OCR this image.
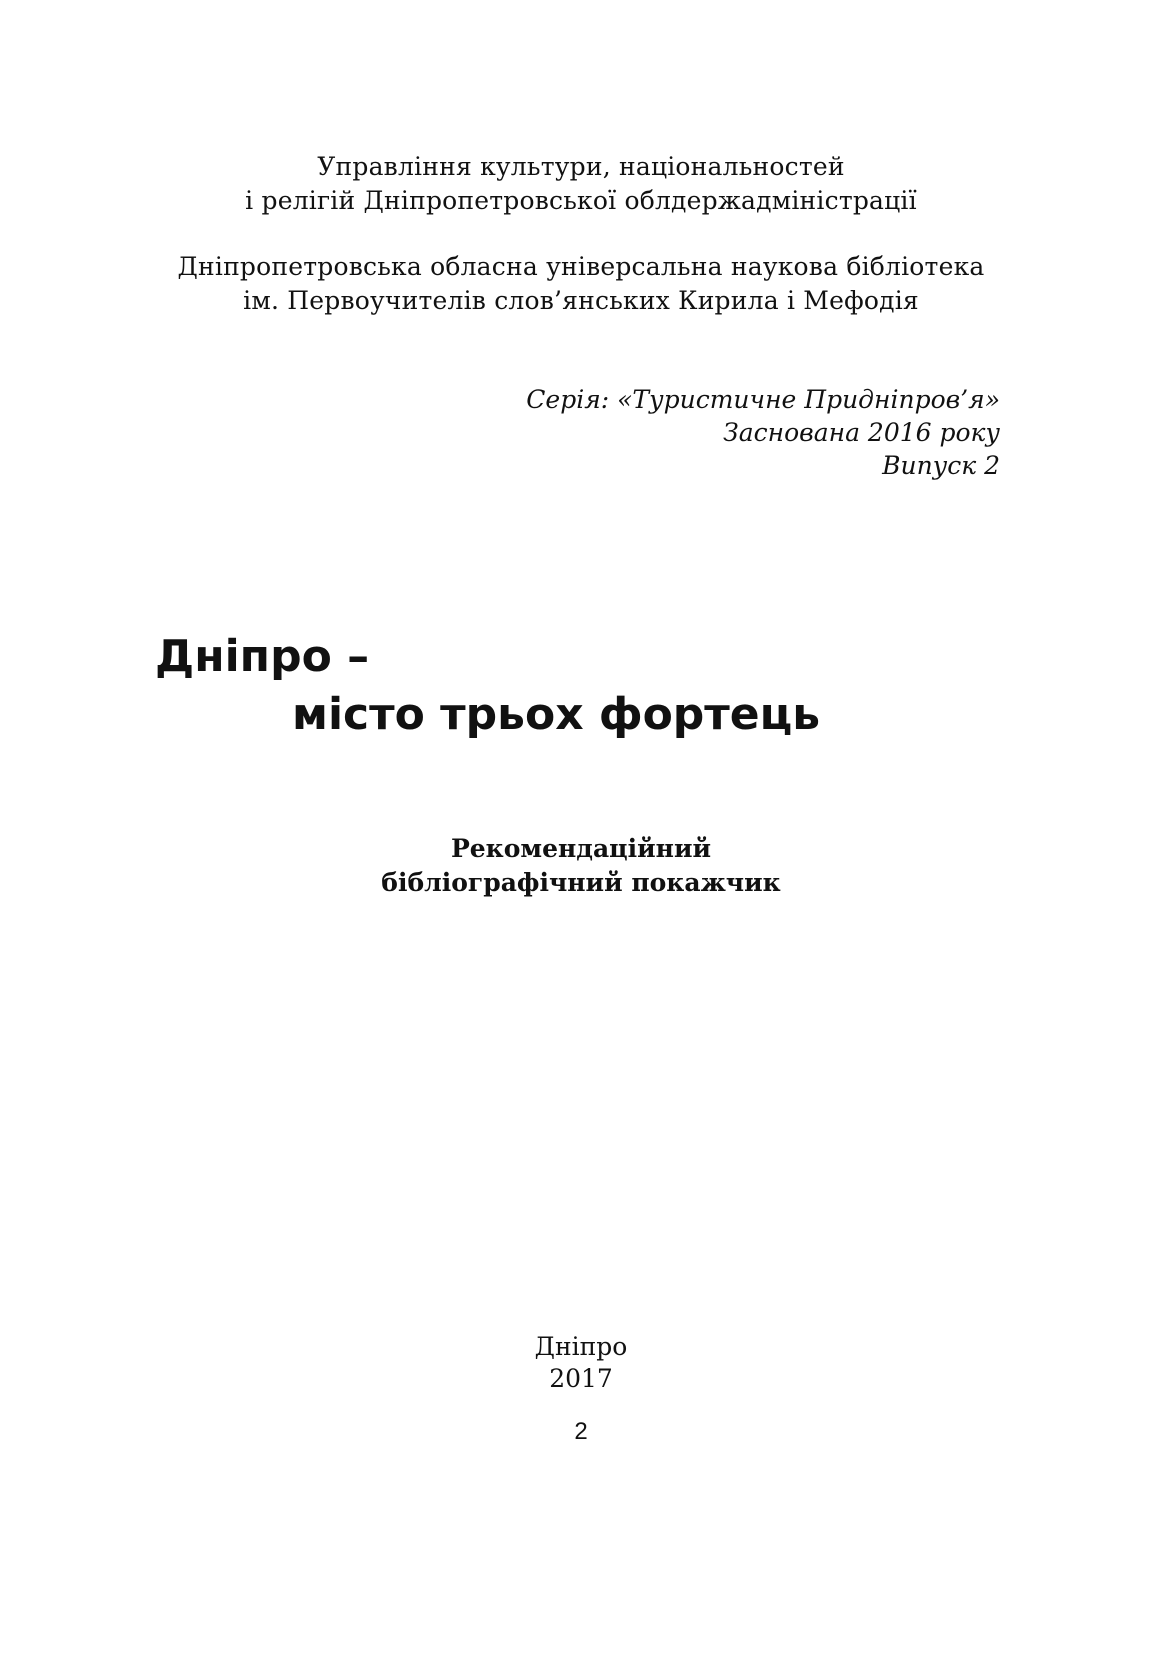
Управління культури, національностей
і релігій Дніпропетровської облдержадміністрації
Дніпропетровська обласна універсальна наукова бібліотека
ім. Первоучителів слов’янських Кирила і Мефодія
Серія: «Туристичне Придніпров’я»
Заснована 2016 року
Випуск 2
Дніпро –
місто трьох фортець
Рекомендаційний
бібліографічний покажчик
Дніпро
2017
2
